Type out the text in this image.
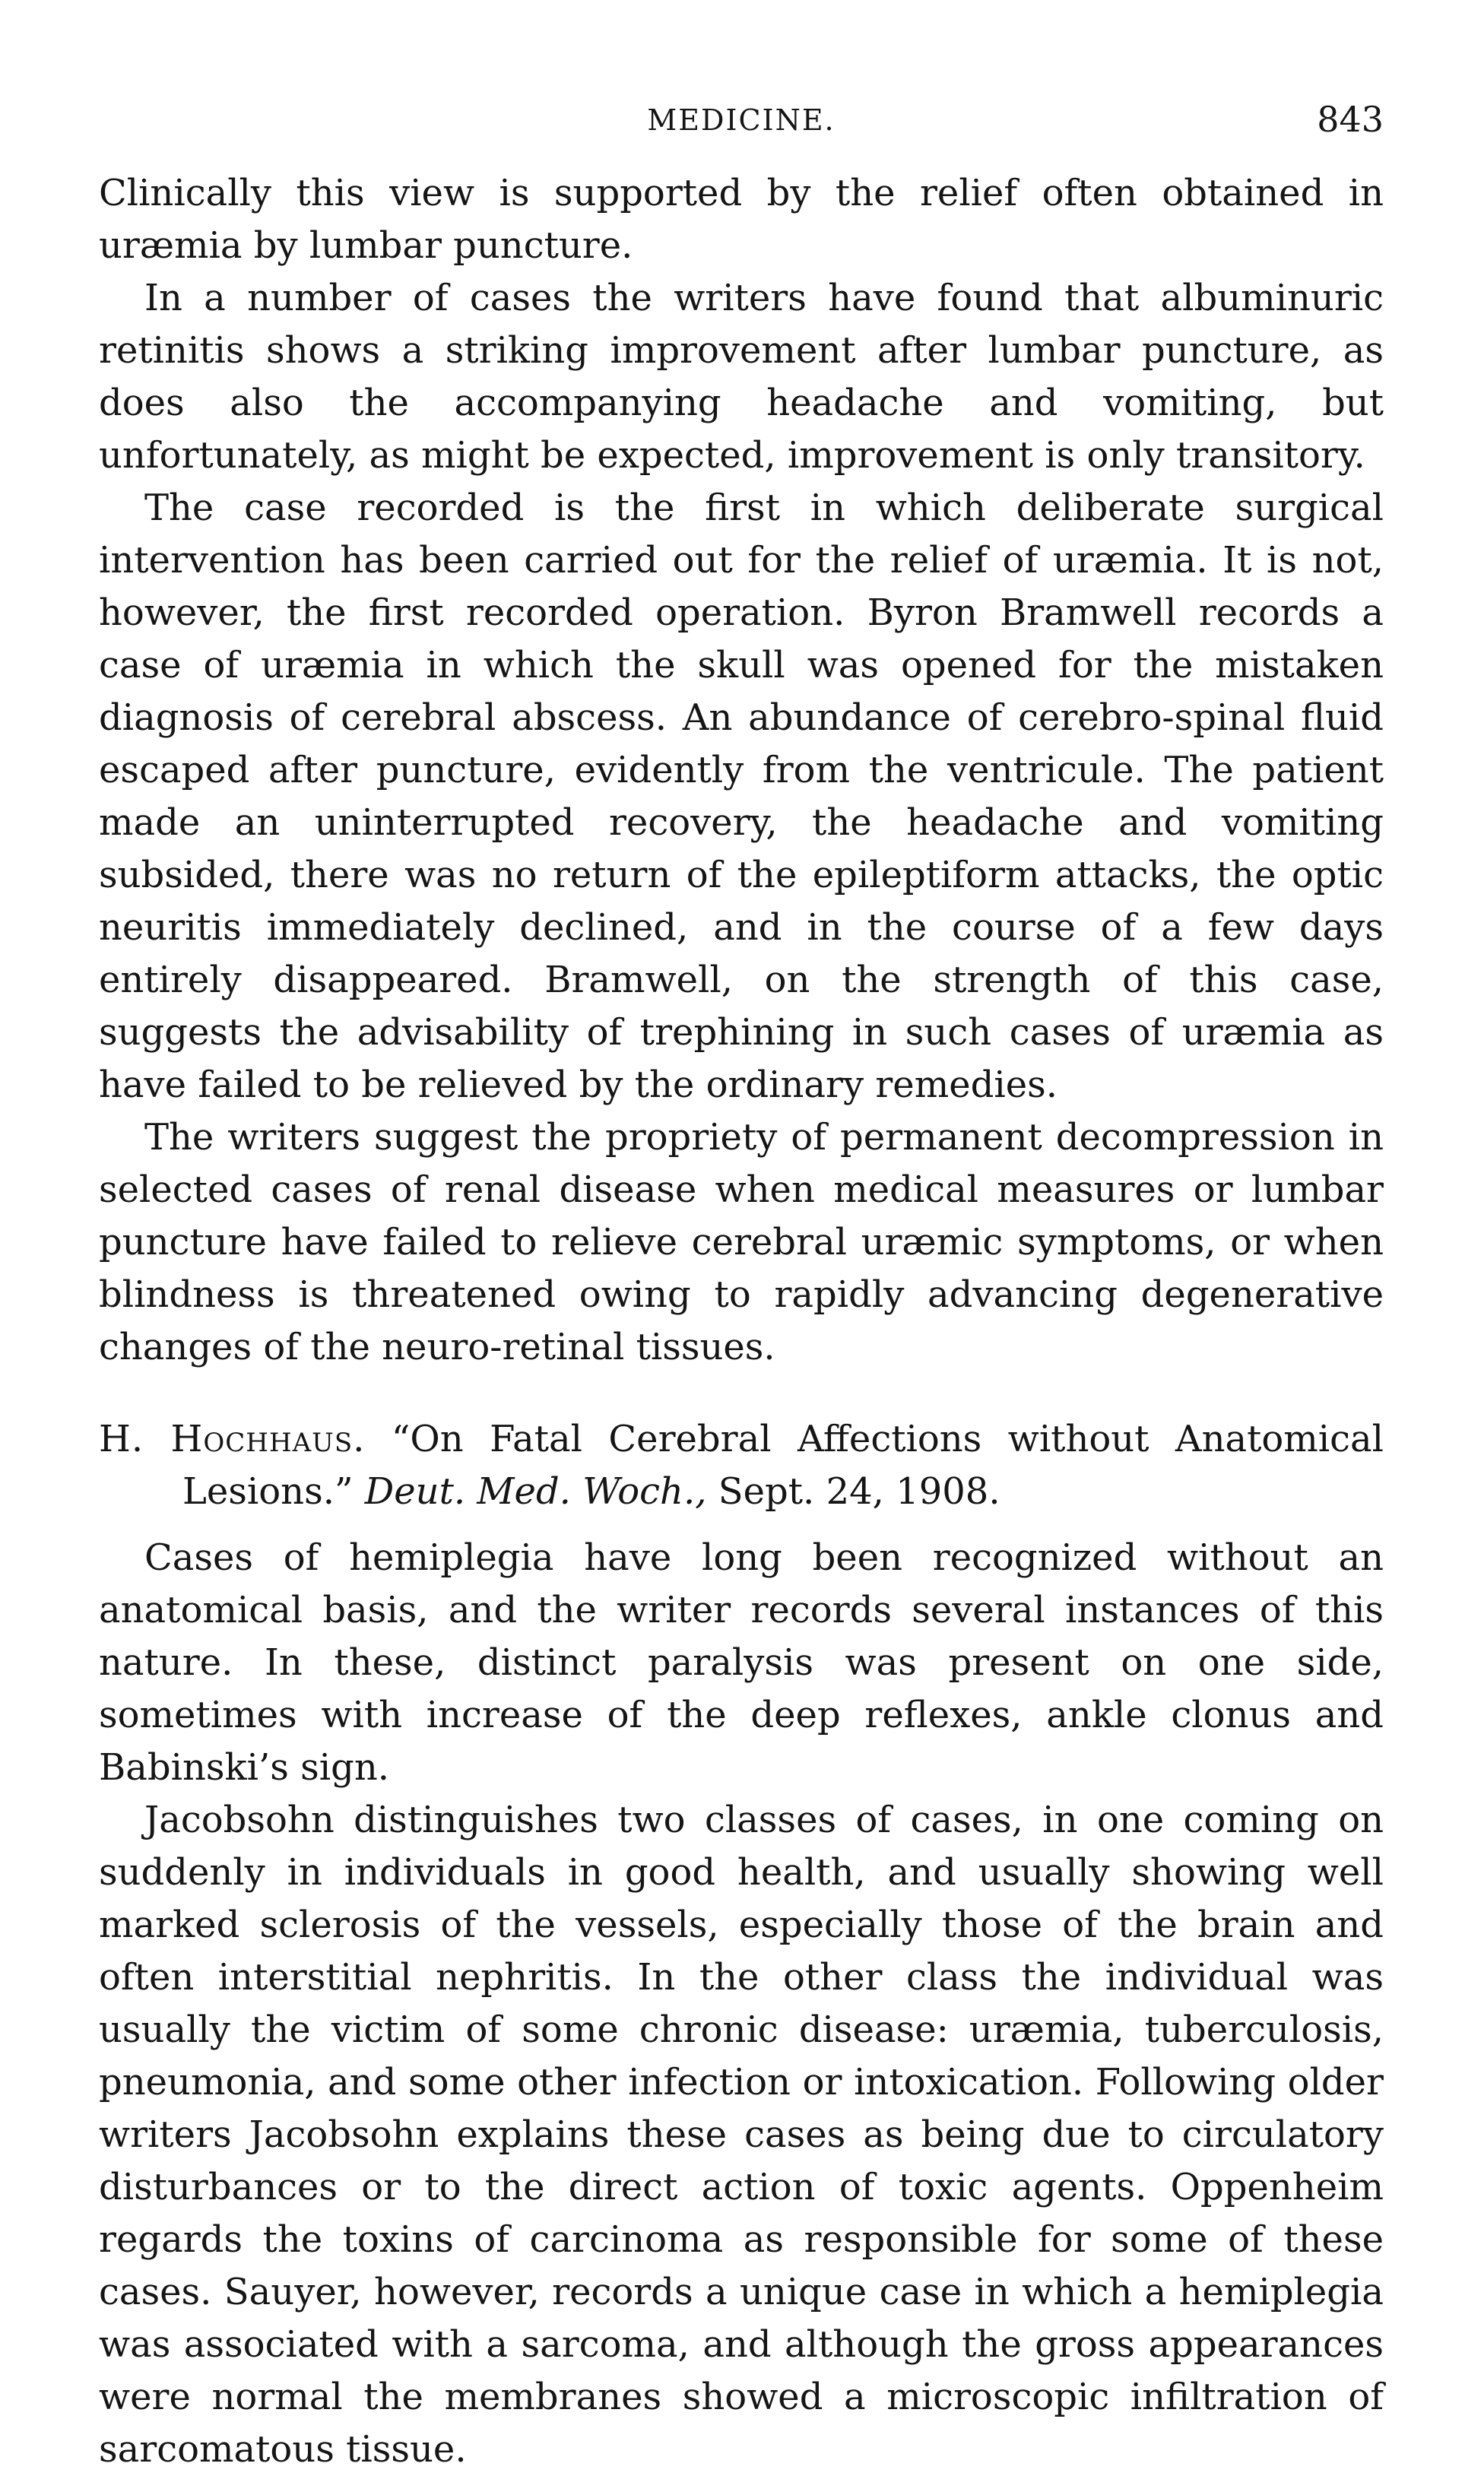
MEDICINE.	843

Clinically this view is supported by the relief often obtained in uræmia by lumbar puncture.

In a number of cases the writers have found that albuminuric retinitis shows a striking improvement after lumbar puncture, as does also the accompanying headache and vomiting, but unfortunately, as might be expected, improvement is only transitory.

The case recorded is the first in which deliberate surgical intervention has been carried out for the relief of uræmia. It is not, however, the first recorded operation. Byron Bramwell records a case of uræmia in which the skull was opened for the mistaken diagnosis of cerebral abscess. An abundance of cerebro-spinal fluid escaped after puncture, evidently from the ventricule. The patient made an uninterrupted recovery, the headache and vomiting subsided, there was no return of the epileptiform attacks, the optic neuritis immediately declined, and in the course of a few days entirely disappeared. Bramwell, on the strength of this case, suggests the advisability of trephining in such cases of uræmia as have failed to be relieved by the ordinary remedies.

The writers suggest the propriety of permanent decompression in selected cases of renal disease when medical measures or lumbar puncture have failed to relieve cerebral uræmic symptoms, or when blindness is threatened owing to rapidly advancing degenerative changes of the neuro-retinal tissues.

H. Hochhaus. “On Fatal Cerebral Affections without Anatomical Lesions.” Deut. Med. Woch., Sept. 24, 1908.

Cases of hemiplegia have long been recognized without an anatomical basis, and the writer records several instances of this nature. In these, distinct paralysis was present on one side, sometimes with increase of the deep reflexes, ankle clonus and Babinski’s sign.

Jacobsohn distinguishes two classes of cases, in one coming on suddenly in individuals in good health, and usually showing well marked sclerosis of the vessels, especially those of the brain and often interstitial nephritis. In the other class the individual was usually the victim of some chronic disease: uræmia, tuberculosis, pneumonia, and some other infection or intoxication. Following older writers Jacobsohn explains these cases as being due to circulatory disturbances or to the direct action of toxic agents. Oppenheim regards the toxins of carcinoma as responsible for some of these cases. Sauyer, however, records a unique case in which a hemiplegia was associated with a sarcoma, and although the gross appearances were normal the membranes showed a microscopic infiltration of sarcomatous tissue.
